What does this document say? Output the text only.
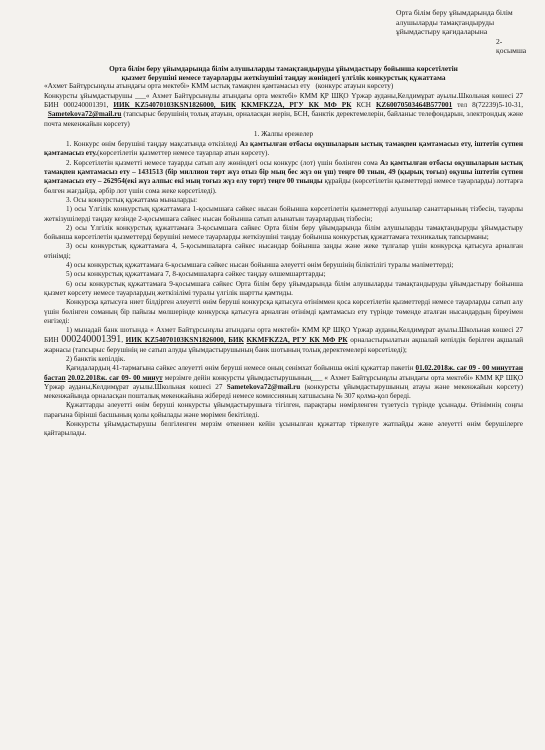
Орта білім беру ұйымдарында білім
алушыларды тамақтандыруды
ұйымдастыру қағидаларына
2-қосымша
Орта білім беру ұйымдарында білім алушыларды тамақтандыруды ұйымдастыру бойынша көрсетілетін
қызмет берушіні немесе тауарларды жеткізушіні таңдау жөніндегі үлгілік конкурстық құжаттама

«Ахмет Байтұрсынұлы атындағы орта мектебі» КММ ыстық тамақпен қамтамасыз ету (конкурс атауын көрсету)

Конкурсты ұйымдастырушы ___« Ахмет Байтұрсынұлы атындағы орта мектебі» КММ ҚР ШҚО Үржар ауданы,Келдимұрат ауылы.Школьная көшесі 27 БИН 000240001391, ИИК KZ54070103KSN1826000, БИК KKMFKZ2A, РГУ КК МФ РК КСН KZ60070503464B577001 тел 8(72239)5-10-31,   Sametekova72@mail.ru (тапсырыс берушінің толық атауын, орналасқан жерін, БСН, банктік деректемелерін, байланыс телефондарын, электрондық және почта мекенжайын көрсету)

1. Жалпы ережелер

1. Конкурс өнім берушіні таңдау мақсатында өткізіледі Аз қамтылған отбасы оқушыларын ыстық тамақпен қамтамасыз ету, іштетін сүтпен қамтамасыз ету.(көрсетілетін қызметтер немесе тауарлар атын көрсету).

2. Көрсетілетін қызметті немесе тауарды сатып алу жөніндегі осы конкурс (лот) үшін бөлінген сома Аз қамтылған отбасы оқушыларын ыстық тамақпен қамтамасыз ету – 1431513 (бір миллион төрт жүз отыз бір мың бес жүз он үш) теңге 00 тиын, 49 (қырық тоғыз) оқушы іштетін сүтпен қамтамасыз ету – 262954(екі жүз алпыс екі мың тоғыз жүз елу төрт) теңге 00 тиынды құрайды (көрсетілетін қызметтерді немесе тауарларды) лоттарға бөлген жағдайда, әрбір лот үшін сома жеке көрсетіледі).

3. Осы конкурстық құжаттама мыналарды:

1) осы Үлгілік конкурстық құжаттамаға 1-қосымшаға сәйкес нысан бойынша көрсетілетін қызметтерді алушылар санаттарының тізбесін, тауарлы жеткізушілерді таңдау кезінде 2-қосымшаға сәйкес нысан бойынша сатып алынатын тауарлардың тізбесін;

2) осы Үлгілік конкурстық құжаттамаға 3-қосымшаға сәйкес Орта білім беру ұйымдарында білім алушыларды тамақтандыруды ұйымдастыру бойынша көрсетілетін қызметтерді берушіні немесе тауарларды жеткізушіні таңдау бойынша конкурстық құжаттамаға техникалық тапсырманы;

3) осы конкурстық құжаттамаға 4, 5-қосымшаларға сәйкес нысандар бойынша заңды және жеке тұлғалар үшін конкурсқа қатысуға арналған өтінімді;

4) осы конкурстық құжаттамаға 6-қосымшаға сәйкес нысан бойынша әлеуетті өнім берушінің біліктілігі туралы мәліметтерді;

5) осы конкурстық құжаттамаға 7, 8-қосымшаларға сәйкес таңдау өлшемшарттарды;

6) осы конкурстық құжаттамаға 9-қосымшаға сәйкес Орта білім беру ұйымдарында білім алушыларды тамақтандыруды ұйымдастыру бойынша қызмет көрсету немесе тауарлардың жеткізілімі туралы үлгілік шартты қамтиды.

Конкурсқа қатысуға ниет білдірген әлеуетті өнім беруші конкурсқа қатысуға өтініммен қоса көрсетілетін қызметтерді немесе тауарларды сатып алу үшін бөлінген соманың бір пайызы мөлшерінде конкурсқа қатысуға арналған өтінімді қамтамасыз ету түрінде төменде аталған нысандардың біреуімен енгізеді:

1) мынадай банк шотында « Ахмет Байтұрсынұлы атындағы орта мектебі» КММ ҚР ШҚО Үржар ауданы,Келдимұрат ауылы.Школьная көшесі 27 БИН 000240001391, ИИК KZ54070103KSN1826000, БИК KKMFKZ2A, РГУ КК МФ РК орналастырылатын ақшалай кепілдік берілген ақшалай жарнасы (тапсырыс берушінің не сатып алуды ұйымдастырушының банк шотының толық деректемелері көрсетіледі);

2) банктік кепілдік.

Қағидалардың 41-тармағына сәйкес әлеуетті өнім беруші немесе оның сенімхат бойынша өкілі құжаттар пакетін 01.02.2018ж. сағ 09 - 00 минуттан бастап 20.02.2018ж. сағ 09- 00 минут мерзімге дейін конкурсты ұйымдастырушының___ « Ахмет Байтұрсынұлы атындағы орта мектебі» КММ ҚР ШҚО Үржар ауданы,Келдимұрат ауылы.Школьная көшесі 27 Sametekova72@mail.ru (конкурсты ұйымдастырушының атауы және мекенжайын көрсету) мекенжайында орналасқан пошталық мекенжайына жібереді немесе комиссияның хатшысына № 307 қолма-қол береді.

Құжаттарды әлеуетті өнім беруші конкурсты ұйымдастырушыға тігілген, парақтары нөмірленген түзетусіз түрінде ұсынады. Өтінімнің соңғы парағына бірінші басшының қолы қойылады және мөрімен бекітіледі.

Конкурсты ұйымдастырушы белгіленген мерзім өткеннен кейін ұсынылған құжаттар тіркелуге жатпайды және әлеуетті өнім берушілерге қайтарылады.
